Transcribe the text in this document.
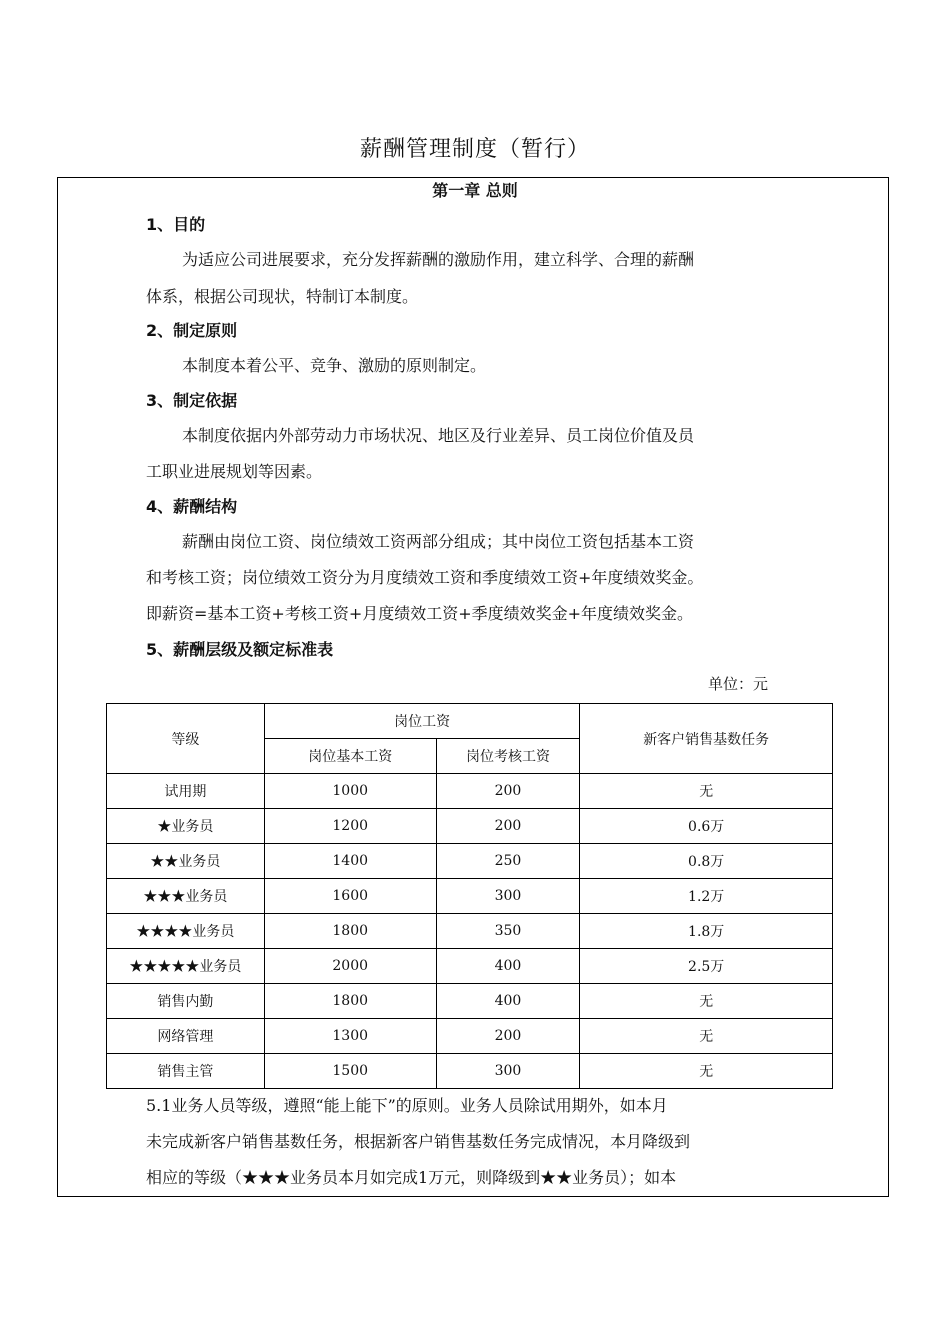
薪酬管理制度（暂行）
第一章 总则
1、目的
为适应公司进展要求，充分发挥薪酬的激励作用，建立科学、合理的薪酬
体系，根据公司现状，特制订本制度。
2、制定原则
本制度本着公平、竞争、激励的原则制定。
3、制定依据
本制度依据内外部劳动力市场状况、地区及行业差异、员工岗位价值及员
工职业进展规划等因素。
4、薪酬结构
薪酬由岗位工资、岗位绩效工资两部分组成；其中岗位工资包括基本工资
和考核工资；岗位绩效工资分为月度绩效工资和季度绩效工资+年度绩效奖金。
即薪资=基本工资+考核工资+月度绩效工资+季度绩效奖金+年度绩效奖金。
5、薪酬层级及额定标准表
单位：元
等级	岗位工资		新客户销售基数任务
	岗位基本工资	岗位考核工资	
试用期	1000	200	无
★业务员	1200	200	0.6万
★★业务员	1400	250	0.8万
★★★业务员	1600	300	1.2万
★★★★业务员	1800	350	1.8万
★★★★★业务员	2000	400	2.5万
销售内勤	1800	400	无
网络管理	1300	200	无
销售主管	1500	300	无
5.1业务人员等级，遵照“能上能下”的原则。业务人员除试用期外，如本月
未完成新客户销售基数任务，根据新客户销售基数任务完成情况，本月降级到
相应的等级（★★★业务员本月如完成1万元，则降级到★★业务员）；如本
